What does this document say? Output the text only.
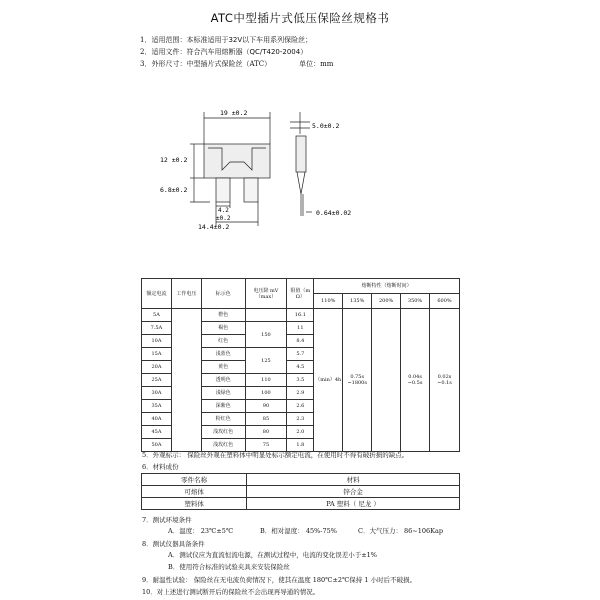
ATC中型插片式低压保险丝规格书
1．适用范围：本标准适用于32V以下车用系列保险丝；
2．适用文件：符合汽车用熔断器（QC/T420-2004）
3．外形尺寸：中型插片式保险丝（ATC）	单位：mm
19 ±0.2
12 ±0.2
6.8±0.2
4.2
±0.2
14.4±0.2
5.0±0.2
0.64±0.02
额定电流	工作电压	标示色	电压降 mV（max）	阻值（m Ω）	熔断特性（熔断时间）				
					110%	135%	200%	350%	600%
5A		橙色		16.1	（min）4h	0.75s ~1800s		0.04s ~0.5s	0.02s ~0.1s
7.5A		褐色	150	11					
10A		红色		8.4					
15A		浅蓝色	125	5.7					
20A		黄色		4.5					
25A		透明色	110	3.5					
30A		浅绿色	100	2.9					
35A		深紫色	90	2.6					
40A		粉红色	85	2.3					
45A		浅玫红色	80	2.0					
50A		浅玫红色	75	1.8					
5．外观标示： 保险丝外观在塑料体中明显处标示额定电流，在使用时不得有破折损的缺点。
6．材料成份
零件名称	材料
可熔体	锌合金
塑料体	PA 塑料（ 尼龙 ）
7．测试环境条件
A．温度： 23℃±5℃	B．相对湿度： 45%-75%	C．大气压力： 86~106Kap
8．测试仪器具备条件
A．测试仪应为直流恒流电源，在测试过程中，电流的变化误差小于±1%
B．使用符合标准的试验夹具来安装保险丝
9．耐温性试验： 保险丝在无电流负荷情况下，使其在温度 180℃±2℃保持 1 小时后不破损。
10．对上述进行测试断开后的保险丝不会出现再导通的情况。
